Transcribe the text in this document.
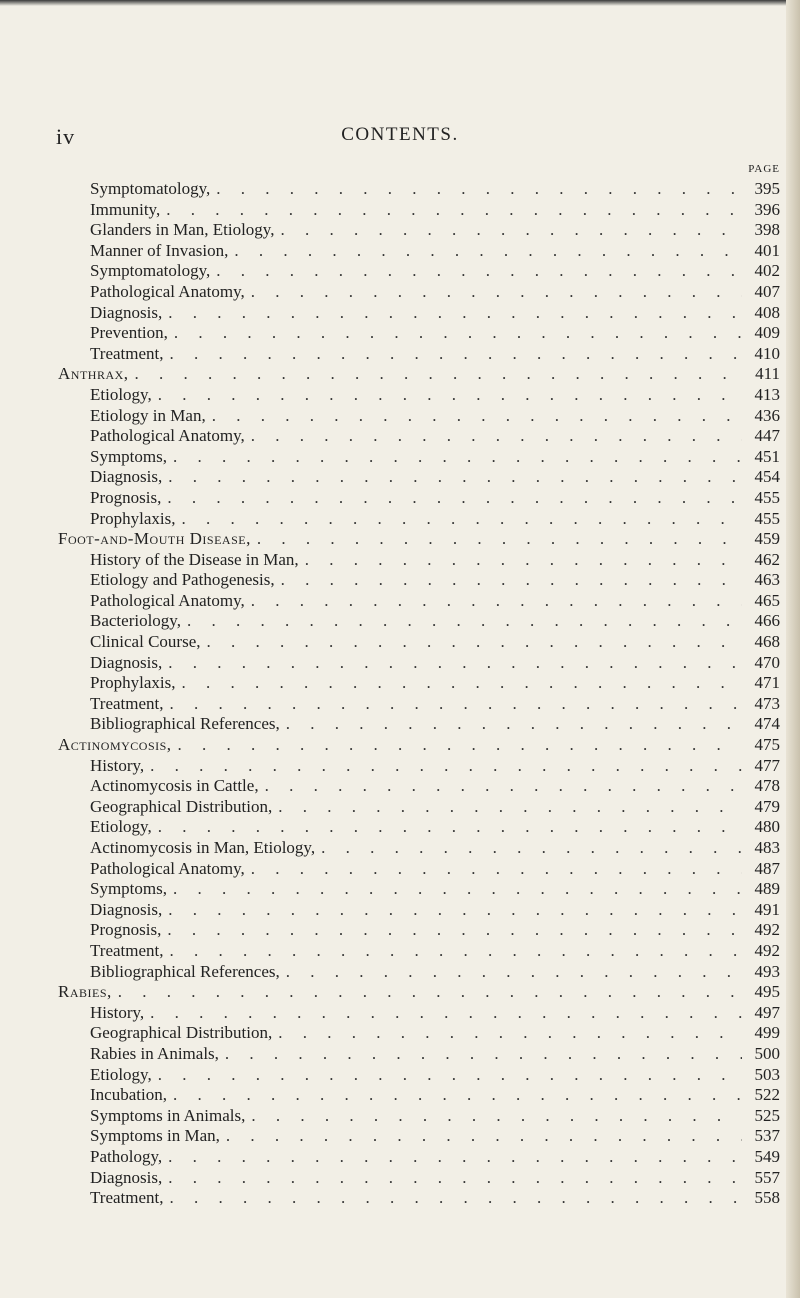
iv	CONTENTS.
PAGE
Symptomatology, . . .	395
Immunity, . . .	396
Glanders in Man, Etiology, . . .	398
Manner of Invasion, . . .	401
Symptomatology, . . .	402
Pathological Anatomy, . . .	407
Diagnosis, . . .	408
Prevention, . . .	409
Treatment, . . .	410
Anthrax, . . .	411
Etiology, . . .	413
Etiology in Man, . . .	436
Pathological Anatomy, . . .	447
Symptoms, . . .	451
Diagnosis, . . .	454
Prognosis, . . .	455
Prophylaxis, . . .	455
Foot-and-Mouth Disease, . . .	459
History of the Disease in Man, . . .	462
Etiology and Pathogenesis, . . .	463
Pathological Anatomy, . . .	465
Bacteriology, . . .	466
Clinical Course, . . .	468
Diagnosis, . . .	470
Prophylaxis, . . .	471
Treatment, . . .	473
Bibliographical References, . . .	474
Actinomycosis, . . .	475
History, . . .	477
Actinomycosis in Cattle, . . .	478
Geographical Distribution, . . .	479
Etiology, . . .	480
Actinomycosis in Man, Etiology, . . .	483
Pathological Anatomy, . . .	487
Symptoms, . . .	489
Diagnosis, . . .	491
Prognosis, . . .	492
Treatment, . . .	492
Bibliographical References, . . .	493
Rabies, . . .	495
History, . . .	497
Geographical Distribution, . . .	499
Rabies in Animals, . . .	500
Etiology, . . .	503
Incubation, . . .	522
Symptoms in Animals, . . .	525
Symptoms in Man, . . .	537
Pathology, . . .	549
Diagnosis, . . .	557
Treatment, . . .	558
